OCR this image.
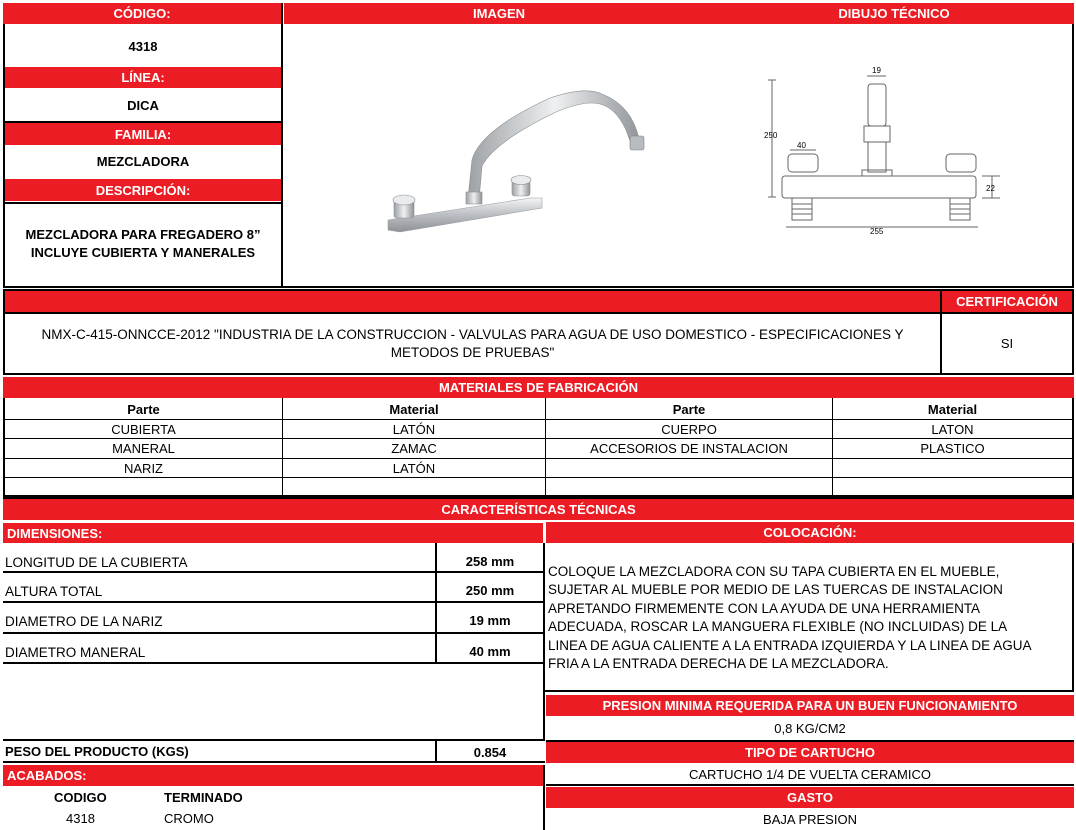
CÓDIGO:	IMAGEN	DIBUJO TÉCNICO
4318
LÍNEA:
DICA
FAMILIA:
MEZCLADORA
DESCRIPCIÓN:
MEZCLADORA PARA FREGADERO 8”
INCLUYE CUBIERTA Y MANERALES
19
250
40
22
255
CERTIFICACIÓN
NMX-C-415-ONNCCE-2012 "INDUSTRIA DE LA CONSTRUCCION - VALVULAS PARA AGUA DE USO DOMESTICO - ESPECIFICACIONES Y
METODOS DE PRUEBAS"
SI
MATERIALES DE FABRICACIÓN
Parte	Material	Parte	Material
CUBIERTA	LATÓN	CUERPO	LATON
MANERAL	ZAMAC	ACCESORIOS DE INSTALACION	PLASTICO
NARIZ	LATÓN
CARACTERÍSTICAS TÉCNICAS
DIMENSIONES:	COLOCACIÓN:
LONGITUD DE LA CUBIERTA	258 mm
ALTURA TOTAL	250 mm
DIAMETRO DE LA NARIZ	19 mm
DIAMETRO MANERAL	40 mm
PESO DEL PRODUCTO (KGS)	0.854
ACABADOS:
CODIGO	TERMINADO
4318	CROMO
COLOQUE LA MEZCLADORA CON SU TAPA CUBIERTA EN EL MUEBLE,
SUJETAR AL MUEBLE POR MEDIO DE LAS TUERCAS DE INSTALACION
APRETANDO FIRMEMENTE CON LA AYUDA DE UNA HERRAMIENTA
ADECUADA, ROSCAR LA MANGUERA FLEXIBLE (NO INCLUIDAS) DE LA
LINEA DE AGUA CALIENTE A LA ENTRADA IZQUIERDA Y LA LINEA DE AGUA
FRIA A LA ENTRADA DERECHA DE LA MEZCLADORA.
PRESION MINIMA REQUERIDA PARA UN BUEN FUNCIONAMIENTO
0,8 KG/CM2
TIPO DE CARTUCHO
CARTUCHO 1/4 DE VUELTA CERAMICO
GASTO
BAJA PRESION
